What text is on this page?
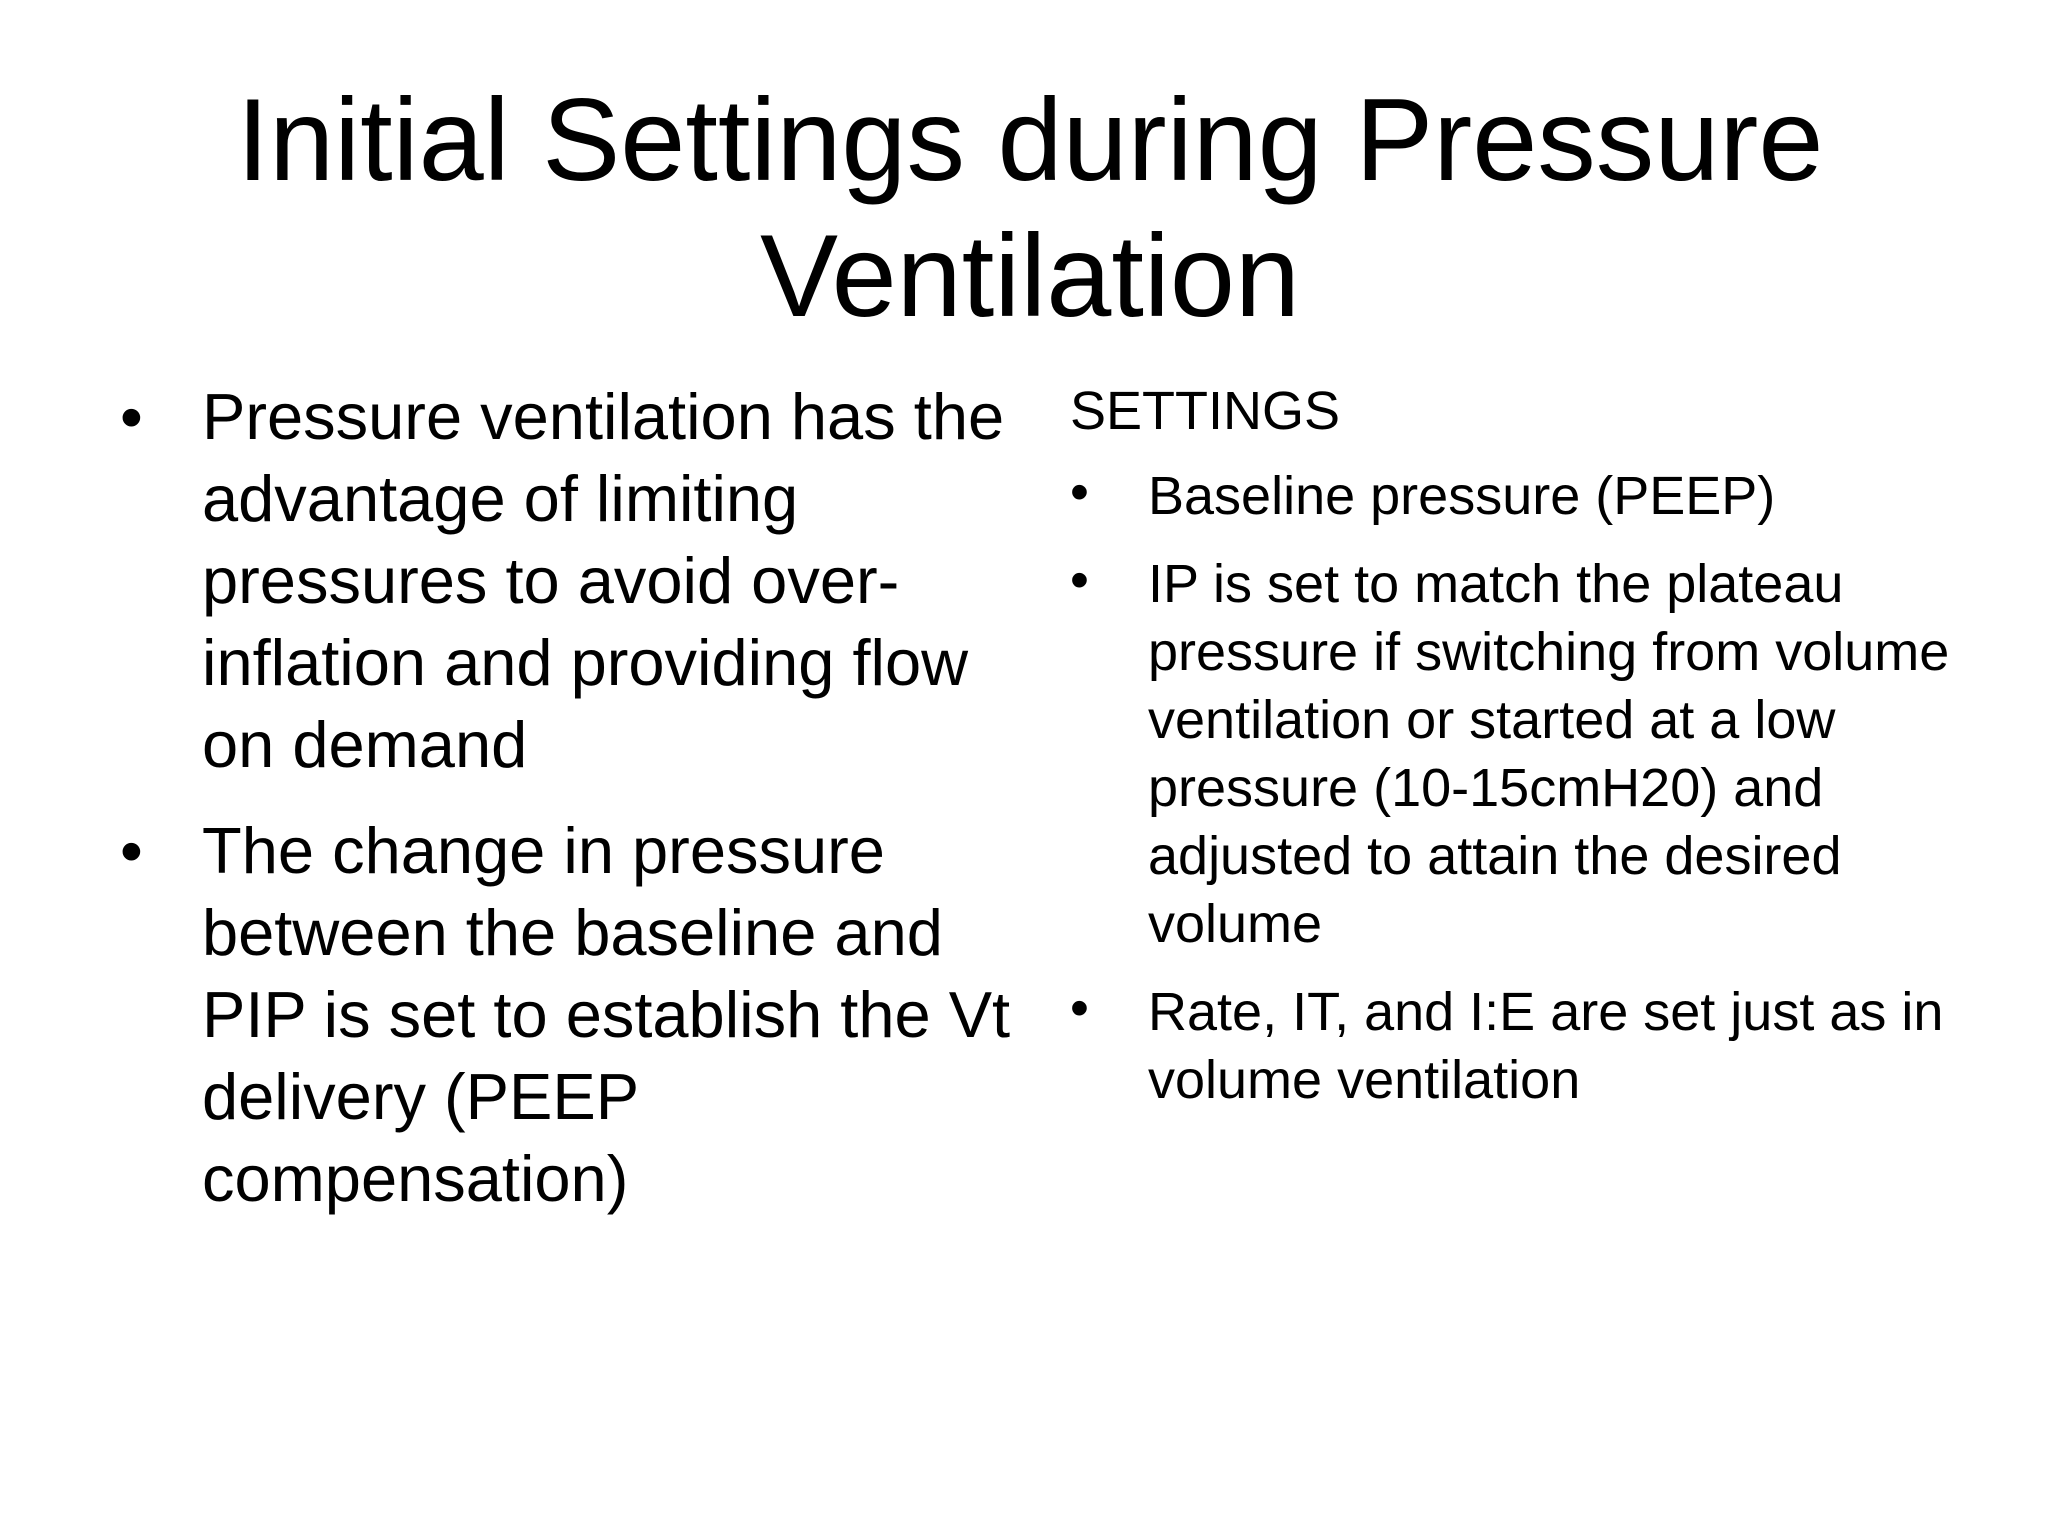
Initial Settings during Pressure
Ventilation
• Pressure ventilation has the advantage of limiting pressures to avoid over-inflation and providing flow on demand
• The change in pressure between the baseline and PIP is set to establish the Vt delivery (PEEP compensation)
SETTINGS
• Baseline pressure (PEEP)
• IP is set to match the plateau pressure if switching from volume ventilation or started at a low pressure (10-15cmH20) and adjusted to attain the desired volume
• Rate, IT, and I:E are set just as in volume ventilation
